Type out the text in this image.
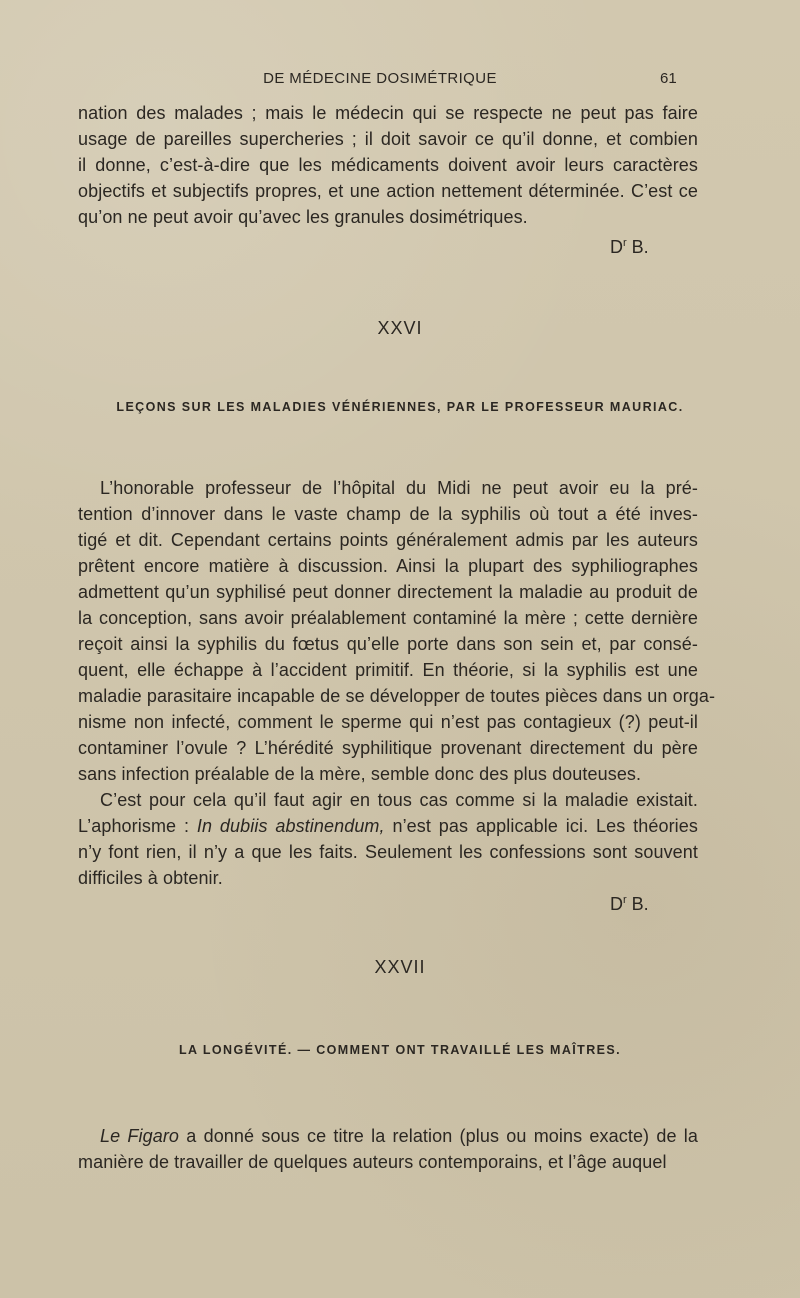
DE MÉDECINE DOSIMÉTRIQUE	61
nation des malades ; mais le médecin qui se respecte ne peut pas faire
usage de pareilles supercheries ; il doit savoir ce qu’il donne, et combien
il donne, c’est-à-dire que les médicaments doivent avoir leurs caractères
objectifs et subjectifs propres, et une action nettement déterminée. C’est ce
qu’on ne peut avoir qu’avec les granules dosimétriques.
$D^r$ B.
XXVI
LEÇONS SUR LES MALADIES VÉNÉRIENNES, PAR LE PROFESSEUR MAURIAC.
L’honorable professeur de l’hôpital du Midi ne peut avoir eu la pré-
tention d’innover dans le vaste champ de la syphilis où tout a été inves-
tigé et dit. Cependant certains points généralement admis par les auteurs
prêtent encore matière à discussion. Ainsi la plupart des syphiliographes
admettent qu’un syphilisé peut donner directement la maladie au produit de
la conception, sans avoir préalablement contaminé la mère ; cette dernière
reçoit ainsi la syphilis du fœtus qu’elle porte dans son sein et, par consé-
quent, elle échappe à l’accident primitif. En théorie, si la syphilis est une
maladie parasitaire incapable de se développer de toutes pièces dans un orga-
nisme non infecté, comment le sperme qui n’est pas contagieux (?) peut-il
contaminer l’ovule ? L’hérédité syphilitique provenant directement du père
sans infection préalable de la mère, semble donc des plus douteuses.
C’est pour cela qu’il faut agir en tous cas comme si la maladie existait.
L’aphorisme : In dubiis abstinendum, n’est pas applicable ici. Les théories
n’y font rien, il n’y a que les faits. Seulement les confessions sont souvent
difficiles à obtenir.
$D^r$ B.
XXVII
LA LONGÉVITÉ. — COMMENT ONT TRAVAILLÉ LES MAÎTRES.
Le Figaro a donné sous ce titre la relation (plus ou moins exacte) de la
manière de travailler de quelques auteurs contemporains, et l’âge auquel
